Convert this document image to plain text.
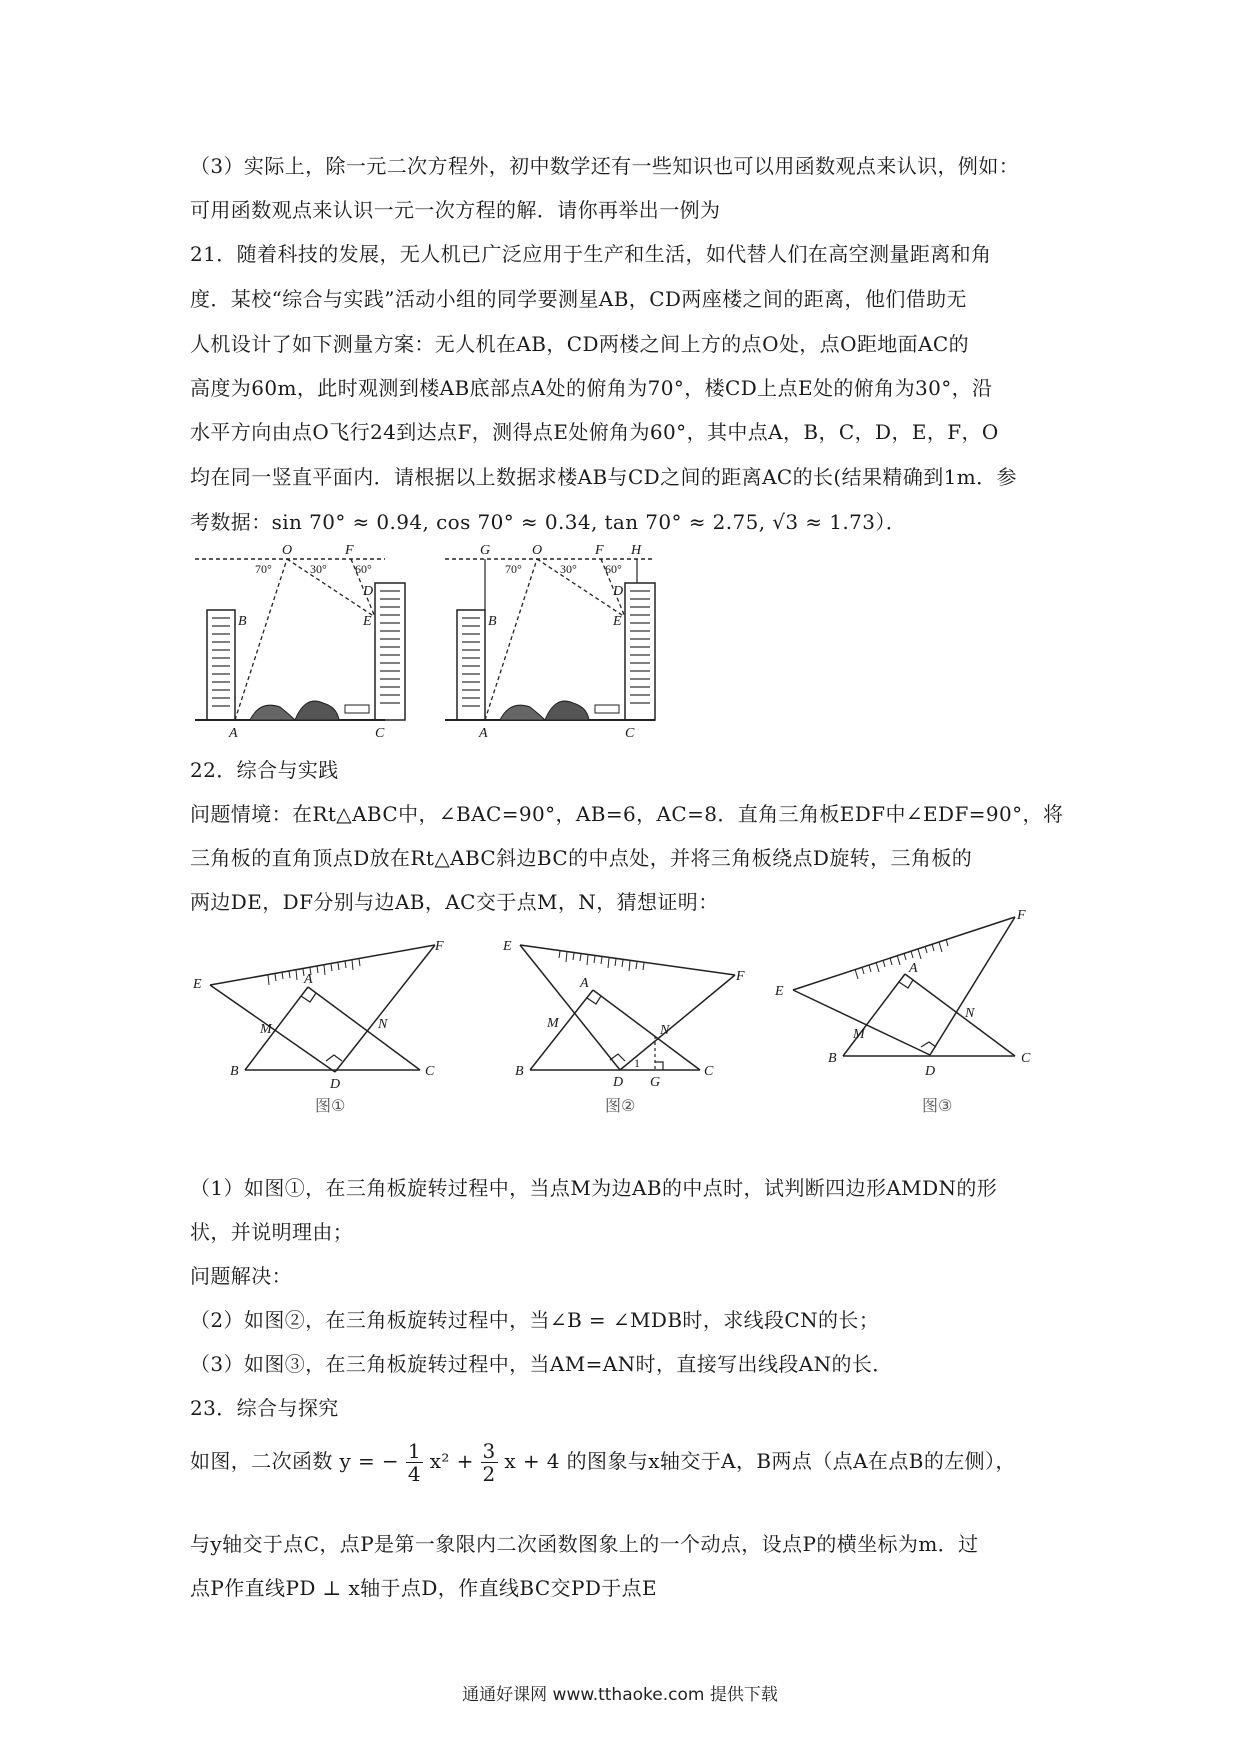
（3）实际上，除一元二次方程外，初中数学还有一些知识也可以用函数观点来认识，例如：
可用函数观点来认识一元一次方程的解．请你再举出一例为
21．随着科技的发展，无人机已广泛应用于生产和生活，如代替人们在高空测量距离和角
度．某校“综合与实践”活动小组的同学要测星AB，CD两座楼之间的距离，他们借助无
人机设计了如下测量方案：无人机在AB，CD两楼之间上方的点O处，点O距地面AC的
高度为60m，此时观测到楼AB底部点A处的俯角为70°，楼CD上点E处的俯角为30°，沿
水平方向由点O飞行24到达点F，测得点E处俯角为60°，其中点A，B，C，D，E，F，O
均在同一竖直平面内．请根据以上数据求楼AB与CD之间的距离AC的长(结果精确到1m．参
考数据：sin 70° ≈ 0.94, cos 70° ≈ 0.34, tan 70° ≈ 2.75, √3 ≈ 1.73）．
O	F
70°	30° 60°
D
E
B
A	C
G	O	F H
70°	30° 60°
D
E
B
A	C
22．综合与实践
问题情境：在Rt△ABC中，∠BAC=90°，AB=6，AC=8．直角三角板EDF中∠EDF=90°，将
三角板的直角顶点D放在Rt△ABC斜边BC的中点处，并将三角板绕点D旋转，三角板的
两边DE，DF分别与边AB，AC交于点M，N，猜想证明：
E
F
A
M	N
B
D
C
图①
E
F
A
M	N
B
D
1
G
C
图②
E
F
A
M
N
B
D
C
图③
（1）如图①，在三角板旋转过程中，当点M为边AB的中点时，试判断四边形AMDN的形
状，并说明理由；
问题解决：
（2）如图②，在三角板旋转过程中，当∠B = ∠MDB时，求线段CN的长；
（3）如图③，在三角板旋转过程中，当AM=AN时，直接写出线段AN的长．
23．综合与探究
如图，二次函数 y = − $\frac{1}{4} x^2 + \frac{3}{2}$ x + 4 的图象与x轴交于A，B两点（点A在点B的左侧），
与y轴交于点C，点P是第一象限内二次函数图象上的一个动点，设点P的横坐标为m．过
点P作直线PD ⊥ x轴于点D，作直线BC交PD于点E
通通好课网 www.tthaoke.com 提供下载
